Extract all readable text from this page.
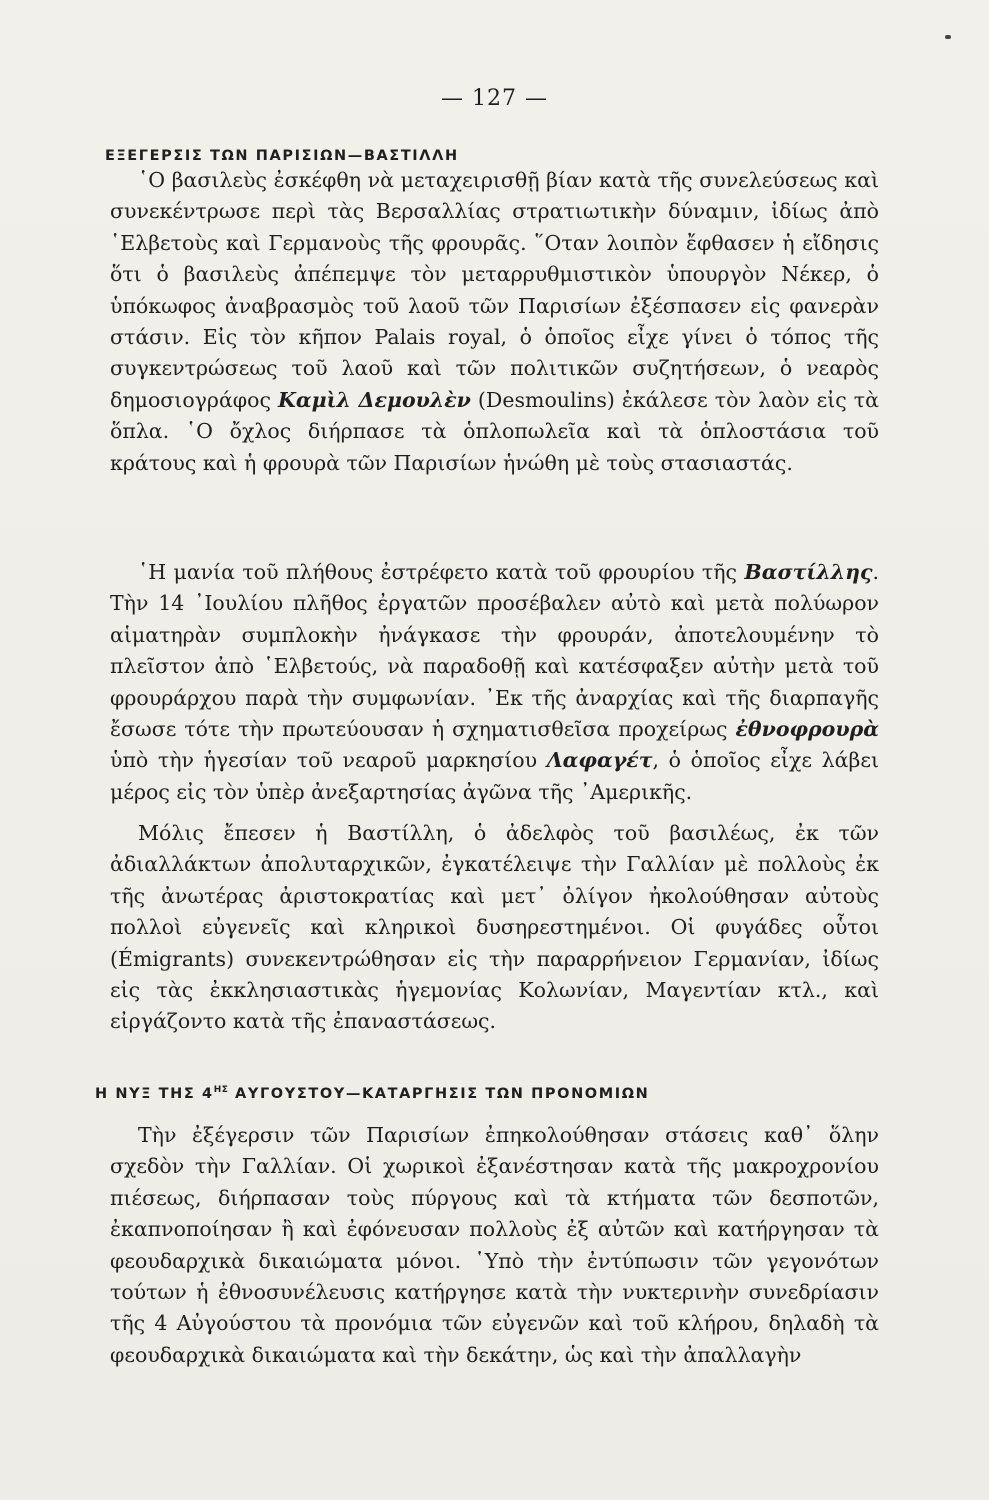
— 127 —
ΕΞΕΓΕΡΣΙΣ ΤΩΝ ΠΑΡΙΣΙΩΝ—ΒΑΣΤΙΛΛΗ

῾Ο βασιλεὺς ἐσκέφθη νὰ μεταχειρισθῇ βίαν κατὰ τῆς συνελεύσεως καὶ συνεκέντρωσε περὶ τὰς Βερσαλλίας στρατιωτικὴν δύναμιν, ἰδίως ἀπὸ ῾Ελβετοὺς καὶ Γερμανοὺς τῆς φρουρᾶς. ῞Οταν λοιπὸν ἔφθασεν ἡ εἴδησις ὅτι ὁ βασιλεὺς ἀπέπεμψε τὸν μεταρρυθμιστικὸν ὑπουργὸν Νέκερ, ὁ ὑπόκωφος ἀναβρασμὸς τοῦ λαοῦ τῶν Παρισίων ἐξέσπασεν εἰς φανερὰν στάσιν. Εἰς τὸν κῆπον Palais royal, ὁ ὁποῖος εἶχε γίνει ὁ τόπος τῆς συγκεντρώσεως τοῦ λαοῦ καὶ τῶν πολιτικῶν συζητήσεων, ὁ νεαρὸς δημοσιογράφος Καμὶλ Δεμουλὲν (Desmoulins) ἐκάλεσε τὸν λαὸν εἰς τὰ ὅπλα. ῾Ο ὄχλος διήρπασε τὰ ὁπλοπωλεῖα καὶ τὰ ὁπλοστάσια τοῦ κράτους καὶ ἡ φρουρὰ τῶν Παρισίων ἡνώθη μὲ τοὺς στασιαστάς.

῾Η μανία τοῦ πλήθους ἐστρέφετο κατὰ τοῦ φρουρίου τῆς Βαστίλλης. Τὴν 14 ᾿Ιουλίου πλῆθος ἐργατῶν προσέβαλεν αὐτὸ καὶ μετὰ πολύωρον αἱματηρὰν συμπλοκὴν ἠνάγκασε τὴν φρουράν, ἀποτελουμένην τὸ πλεῖστον ἀπὸ ῾Ελβετούς, νὰ παραδοθῇ καὶ κατέσφαξεν αὐτὴν μετὰ τοῦ φρουράρχου παρὰ τὴν συμφωνίαν. ᾿Εκ τῆς ἀναρχίας καὶ τῆς διαρπαγῆς ἔσωσε τότε τὴν πρωτεύουσαν ἡ σχηματισθεῖσα προχείρως ἐθνοφρουρὰ ὑπὸ τὴν ἡγεσίαν τοῦ νεαροῦ μαρκησίου Λαφαγέτ, ὁ ὁποῖος εἶχε λάβει μέρος εἰς τὸν ὑπὲρ ἀνεξαρτησίας ἀγῶνα τῆς ᾿Αμερικῆς.

Μόλις ἔπεσεν ἡ Βαστίλλη, ὁ ἀδελφὸς τοῦ βασιλέως, ἐκ τῶν ἀδιαλλάκτων ἀπολυταρχικῶν, ἐγκατέλειψε τὴν Γαλλίαν μὲ πολλοὺς ἐκ τῆς ἀνωτέρας ἀριστοκρατίας καὶ μετ᾿ ὀλίγον ἠκολούθησαν αὐτοὺς πολλοὶ εὐγενεῖς καὶ κληρικοὶ δυσηρεστημένοι. Οἱ φυγάδες οὗτοι (Émigrants) συνεκεντρώθησαν εἰς τὴν παραρρήνειον Γερμανίαν, ἰδίως εἰς τὰς ἐκκλησιαστικὰς ἡγεμονίας Κολωνίαν, Μαγεντίαν κτλ., καὶ εἰργάζοντο κατὰ τῆς ἐπαναστάσεως.

Η ΝΥΞ ΤΗΣ $4^{H\Sigma}$ ΑΥΓΟΥΣΤΟΥ—ΚΑΤΑΡΓΗΣΙΣ ΤΩΝ ΠΡΟΝΟΜΙΩΝ

Τὴν ἐξέγερσιν τῶν Παρισίων ἐπηκολούθησαν στάσεις καθ᾿ ὅλην σχεδὸν τὴν Γαλλίαν. Οἱ χωρικοὶ ἐξανέστησαν κατὰ τῆς μακροχρονίου πιέσεως, διήρπασαν τοὺς πύργους καὶ τὰ κτήματα τῶν δεσποτῶν, ἐκαπνοποίησαν ἢ καὶ ἐφόνευσαν πολλοὺς ἐξ αὐτῶν καὶ κατήργησαν τὰ φεουδαρχικὰ δικαιώματα μόνοι. ῾Υπὸ τὴν ἐντύπωσιν τῶν γεγονότων τούτων ἡ ἐθνοσυνέλευσις κατήργησε κατὰ τὴν νυκτερινὴν συνεδρίασιν τῆς 4 Αὐγούστου τὰ προνόμια τῶν εὐγενῶν καὶ τοῦ κλήρου, δηλαδὴ τὰ φεουδαρχικὰ δικαιώματα καὶ τὴν δεκάτην, ὡς καὶ τὴν ἀπαλλαγὴν
